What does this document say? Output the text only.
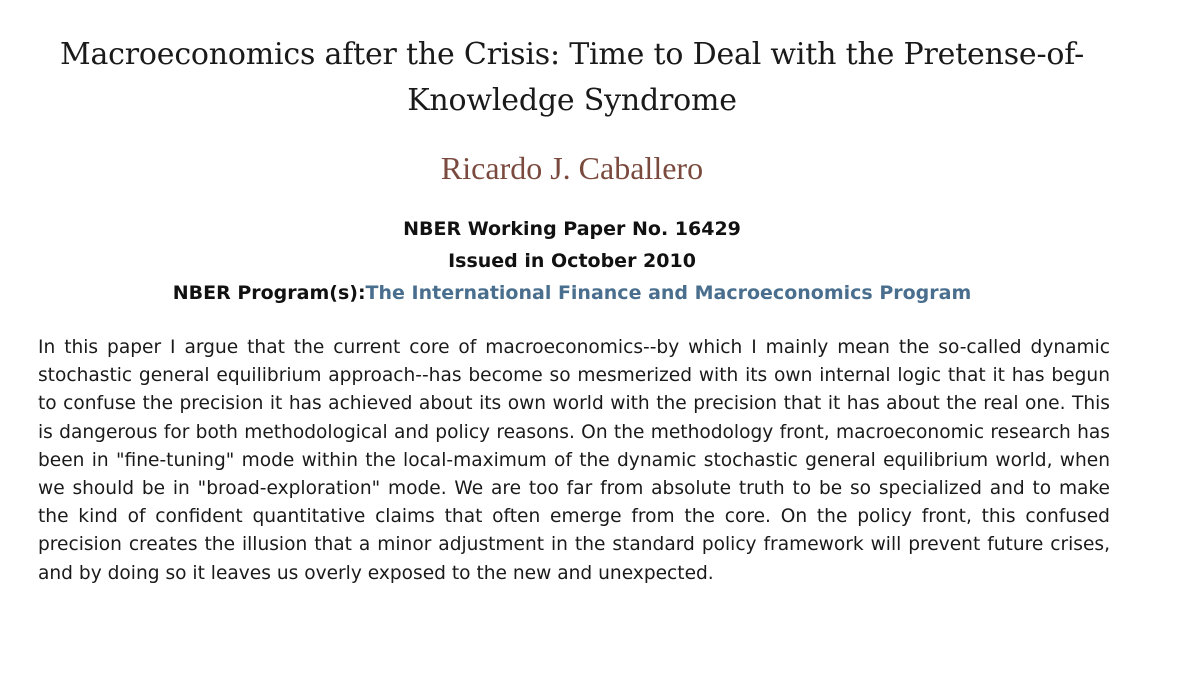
Macroeconomics after the Crisis: Time to Deal with the Pretense-of-
Knowledge Syndrome
Ricardo J. Caballero
NBER Working Paper No. 16429
Issued in October 2010
NBER Program(s):The International Finance and Macroeconomics Program

In this paper I argue that the current core of macroeconomics--by which I mainly mean the so-called dynamic stochastic general equilibrium approach--has become so mesmerized with its own internal logic that it has begun to confuse the precision it has achieved about its own world with the precision that it has about the real one. This is dangerous for both methodological and policy reasons. On the methodology front, macroeconomic research has been in "fine-tuning" mode within the local-maximum of the dynamic stochastic general equilibrium world, when we should be in "broad-exploration" mode. We are too far from absolute truth to be so specialized and to make the kind of confident quantitative claims that often emerge from the core. On the policy front, this confused precision creates the illusion that a minor adjustment in the standard policy framework will prevent future crises, and by doing so it leaves us overly exposed to the new and unexpected.
